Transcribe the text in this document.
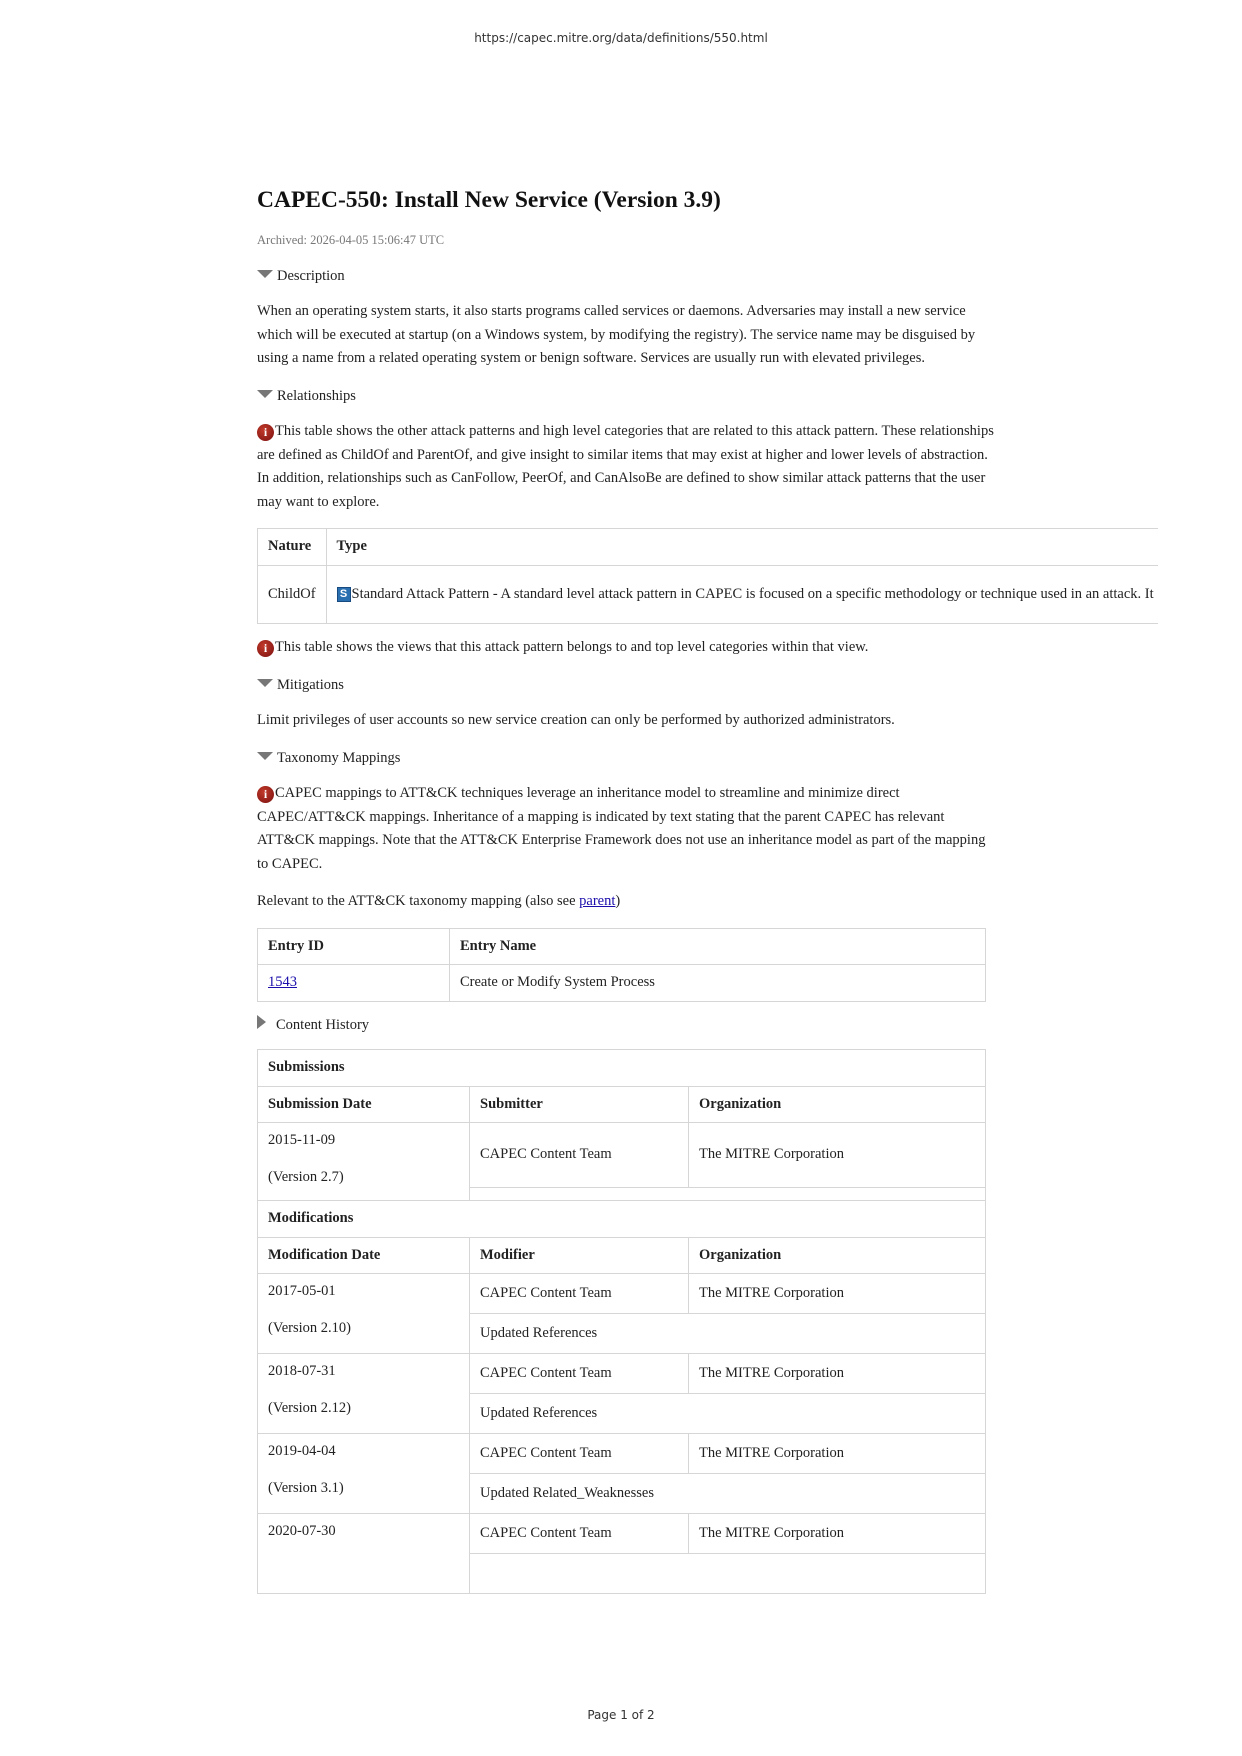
https://capec.mitre.org/data/definitions/550.html
CAPEC-550: Install New Service (Version 3.9)
Archived: 2026-04-05 15:06:47 UTC
Description

When an operating system starts, it also starts programs called services or daemons. Adversaries may install a new service which will be executed at startup (on a Windows system, by modifying the registry). The service name may be disguised by using a name from a related operating system or benign software. Services are usually run with elevated privileges.

Relationships

i This table shows the other attack patterns and high level categories that are related to this attack pattern. These relationships are defined as ChildOf and ParentOf, and give insight to similar items that may exist at higher and lower levels of abstraction. In addition, relationships such as CanFollow, PeerOf, and CanAlsoBe are defined to show similar attack patterns that the user may want to explore.

Nature	Type
ChildOf	S Standard Attack Pattern - A standard level attack pattern in CAPEC is focused on a specific methodology or technique used in an attack. It

i This table shows the views that this attack pattern belongs to and top level categories within that view.

Mitigations

Limit privileges of user accounts so new service creation can only be performed by authorized administrators.

Taxonomy Mappings

i CAPEC mappings to ATT&CK techniques leverage an inheritance model to streamline and minimize direct CAPEC/ATT&CK mappings. Inheritance of a mapping is indicated by text stating that the parent CAPEC has relevant ATT&CK mappings. Note that the ATT&CK Enterprise Framework does not use an inheritance model as part of the mapping to CAPEC.

Relevant to the ATT&CK taxonomy mapping (also see parent)

Entry ID	Entry Name
1543	Create or Modify System Process
Content History
Submissions		
Submission Date	Submitter	Organization

2015-11-09
(Version 2.7)	CAPEC Content Team	The MITRE Corporation

Modifications		
Modification Date	Modifier	Organization

2017-05-01
(Version 2.10)	CAPEC Content Team	The MITRE Corporation
	Updated References	

2018-07-31
(Version 2.12)	CAPEC Content Team	The MITRE Corporation
	Updated References	

2019-04-04
(Version 3.1)	CAPEC Content Team	The MITRE Corporation
	Updated Related_Weaknesses	

2020-07-30	CAPEC Content Team	The MITRE Corporation

Page 1 of 2
